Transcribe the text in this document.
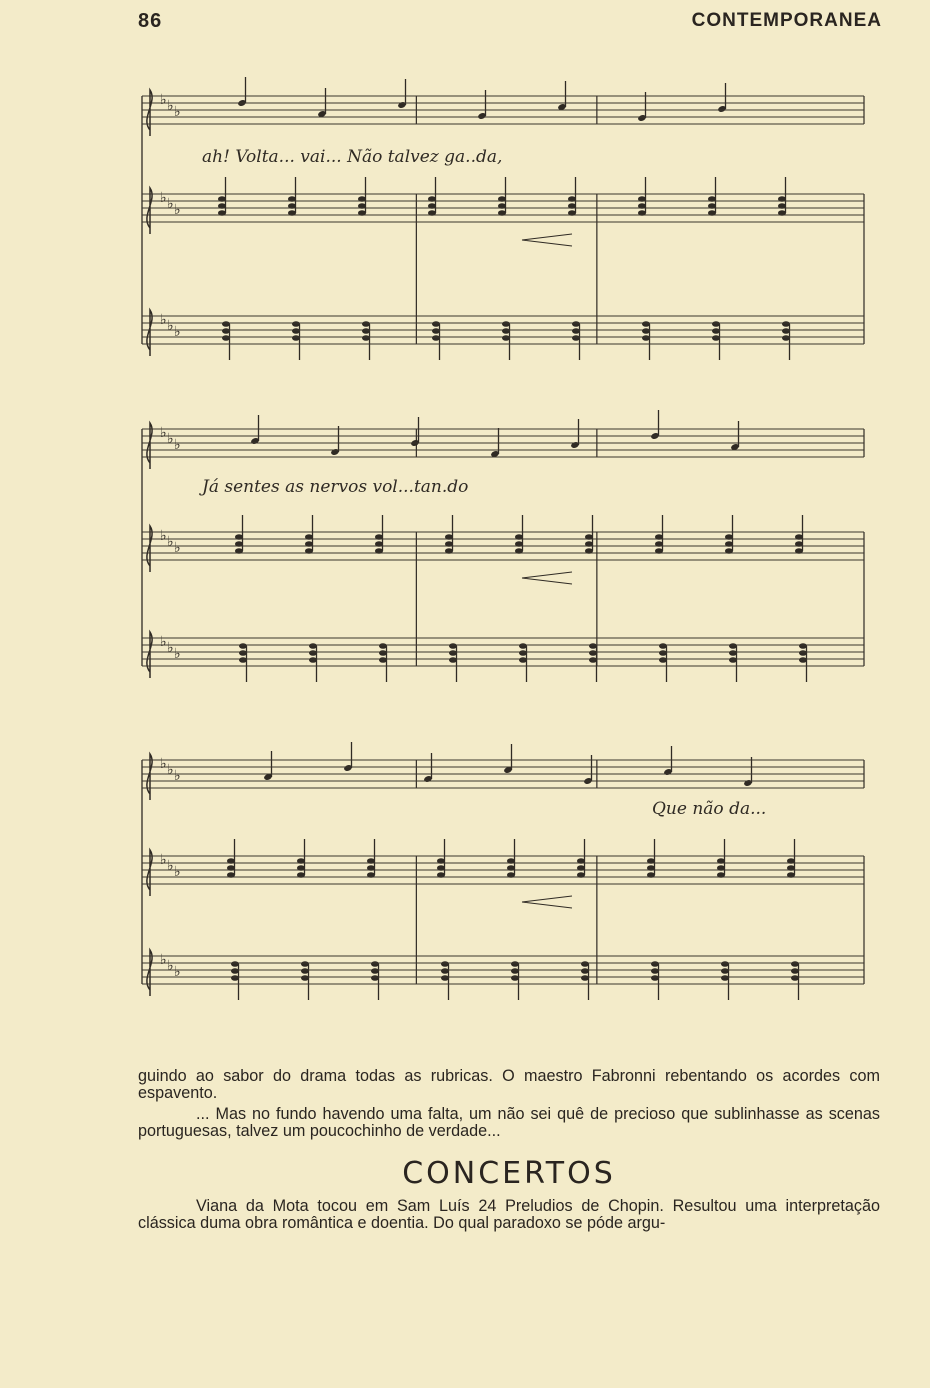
86	CONTEMPORANEA
♭ ♭ ♭
♭ ♭ ♭
♭ ♭ ♭
ah! Volta... vai... Não talvez ga..da,
Já sentes as nervos vol...tan.do
Que não da...
♭ ♭ ♭
♭ ♭ ♭
♭ ♭ ♭
♭ ♭ ♭
♭ ♭ ♭
♭ ♭ ♭
guindo ao sabor do drama todas as rubricas. O maestro Fabronni rebentando os acordes com espavento.
... Mas no fundo havendo uma falta, um não sei quê de precioso que sublinhasse as scenas portuguesas, talvez um poucochinho de verdade...
CONCERTOS
Viana da Mota tocou em Sam Luís 24 Preludios de Chopin. Resultou uma interpretação clássica duma obra romântica e doentia. Do qual paradoxo se póde argu-
